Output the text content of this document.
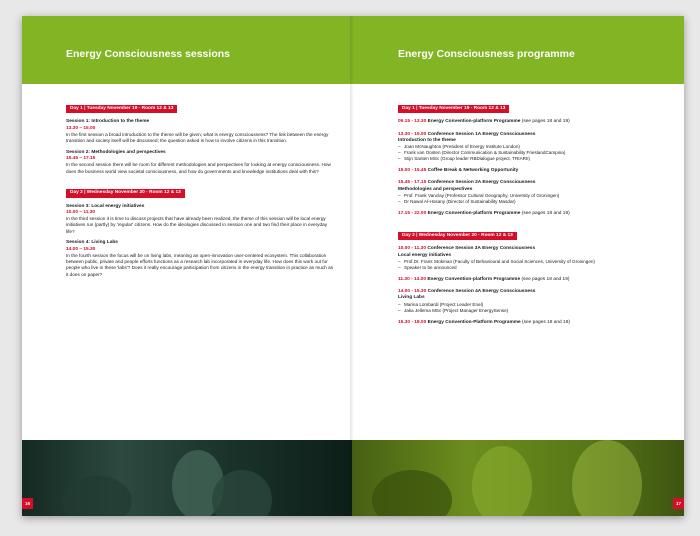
Energy Consciousness sessions
Day 1 | Tuesday November 19 - Room 12 & 13
Session 1: Introduction to the theme
13.30 – 15.00
In the first session a broad introduction to the theme will be given; what is energy consciousness? The link between the energy transition and society itself will be discussed; the question asked is how to involve citizens in this transition.
Session 2: Methodologies and perspectives
15.45 – 17.15
In the second session there will be room for different methodologies and perspectives for looking at energy consciousness. How does the business world view societal consciousness, and how do governments and knowledge institutions deal with this?
Day 2 | Wednesday November 20 - Room 12 & 13
Session 3: Local energy initiatives
10.00 – 11.30
In the third session it is time to discuss projects that have already been realized, the theme of this session will be local energy initiatives run (partly) by 'regular' citizens. How do the ideologies discussed in session one and two find their place in everyday life?
Session 4: Living Labs
14.00 – 15.30
In the fourth session the focus will be on living labs, meaning an open-innovation user-centered ecosystem. This collaboration between public, private and people efforts functions as a research lab incorporated in everyday life. How does this work out for people who live in these 'labs'? Does it really encourage participation from citizens in the energy transition in practice as much as it does on paper?
16
Energy Consciousness programme
Day 1 | Tuesday November 19 - Room 12 & 13
09.15 - 13.30 Energy Convention-platform Programme (see pages 18 and 19)
13.30 - 15.00 Conference Session 1A Energy Consciousness
Introduction to the theme
– Joan McNaughton (President of Energy Institute London)
– Frank van Oosten (Director Communication & Sustainability FrieslandCampina)
– Stijn Santen MSc (Group leader RBDialogue project, TRIARII)
15.00 - 15.45 Coffee Break & Networking Opportunity
15.45 - 17.15 Conference Session 2A Energy Consciousness
Methodologies and perspectives
– Prof. Frank Vanclay (Professor Cultural Geography, University of Groningen)
– Dr Nawal Al-Hosany (Director of Sustainability Masdar)
17.15 - 22.00 Energy Convention-platform Programme (see pages 18 and 19)
Day 2 | Wednesday November 20 - Room 12 & 13
10.00 - 11.30 Conference Session 3A Energy Consciousness
Local energy initiatives
– Prof.Dr. Frans Stokman (Faculty of Behavioural and Social Sciences, University of Groningen)
– Speaker to be announced
11.30 - 14.00 Energy Convention-platform Programme (see pages 18 and 19)
14.00 - 15.30 Conference Session 4A Energy Consciousness
Living Labs
– Marina Lombardi (Project Leader Enel)
– Jaka Jellema MSc (Project Manager EnergySense)
15.30 - 18.00 Energy Convention-Platform Programme (see pages 18 and 19)
17
